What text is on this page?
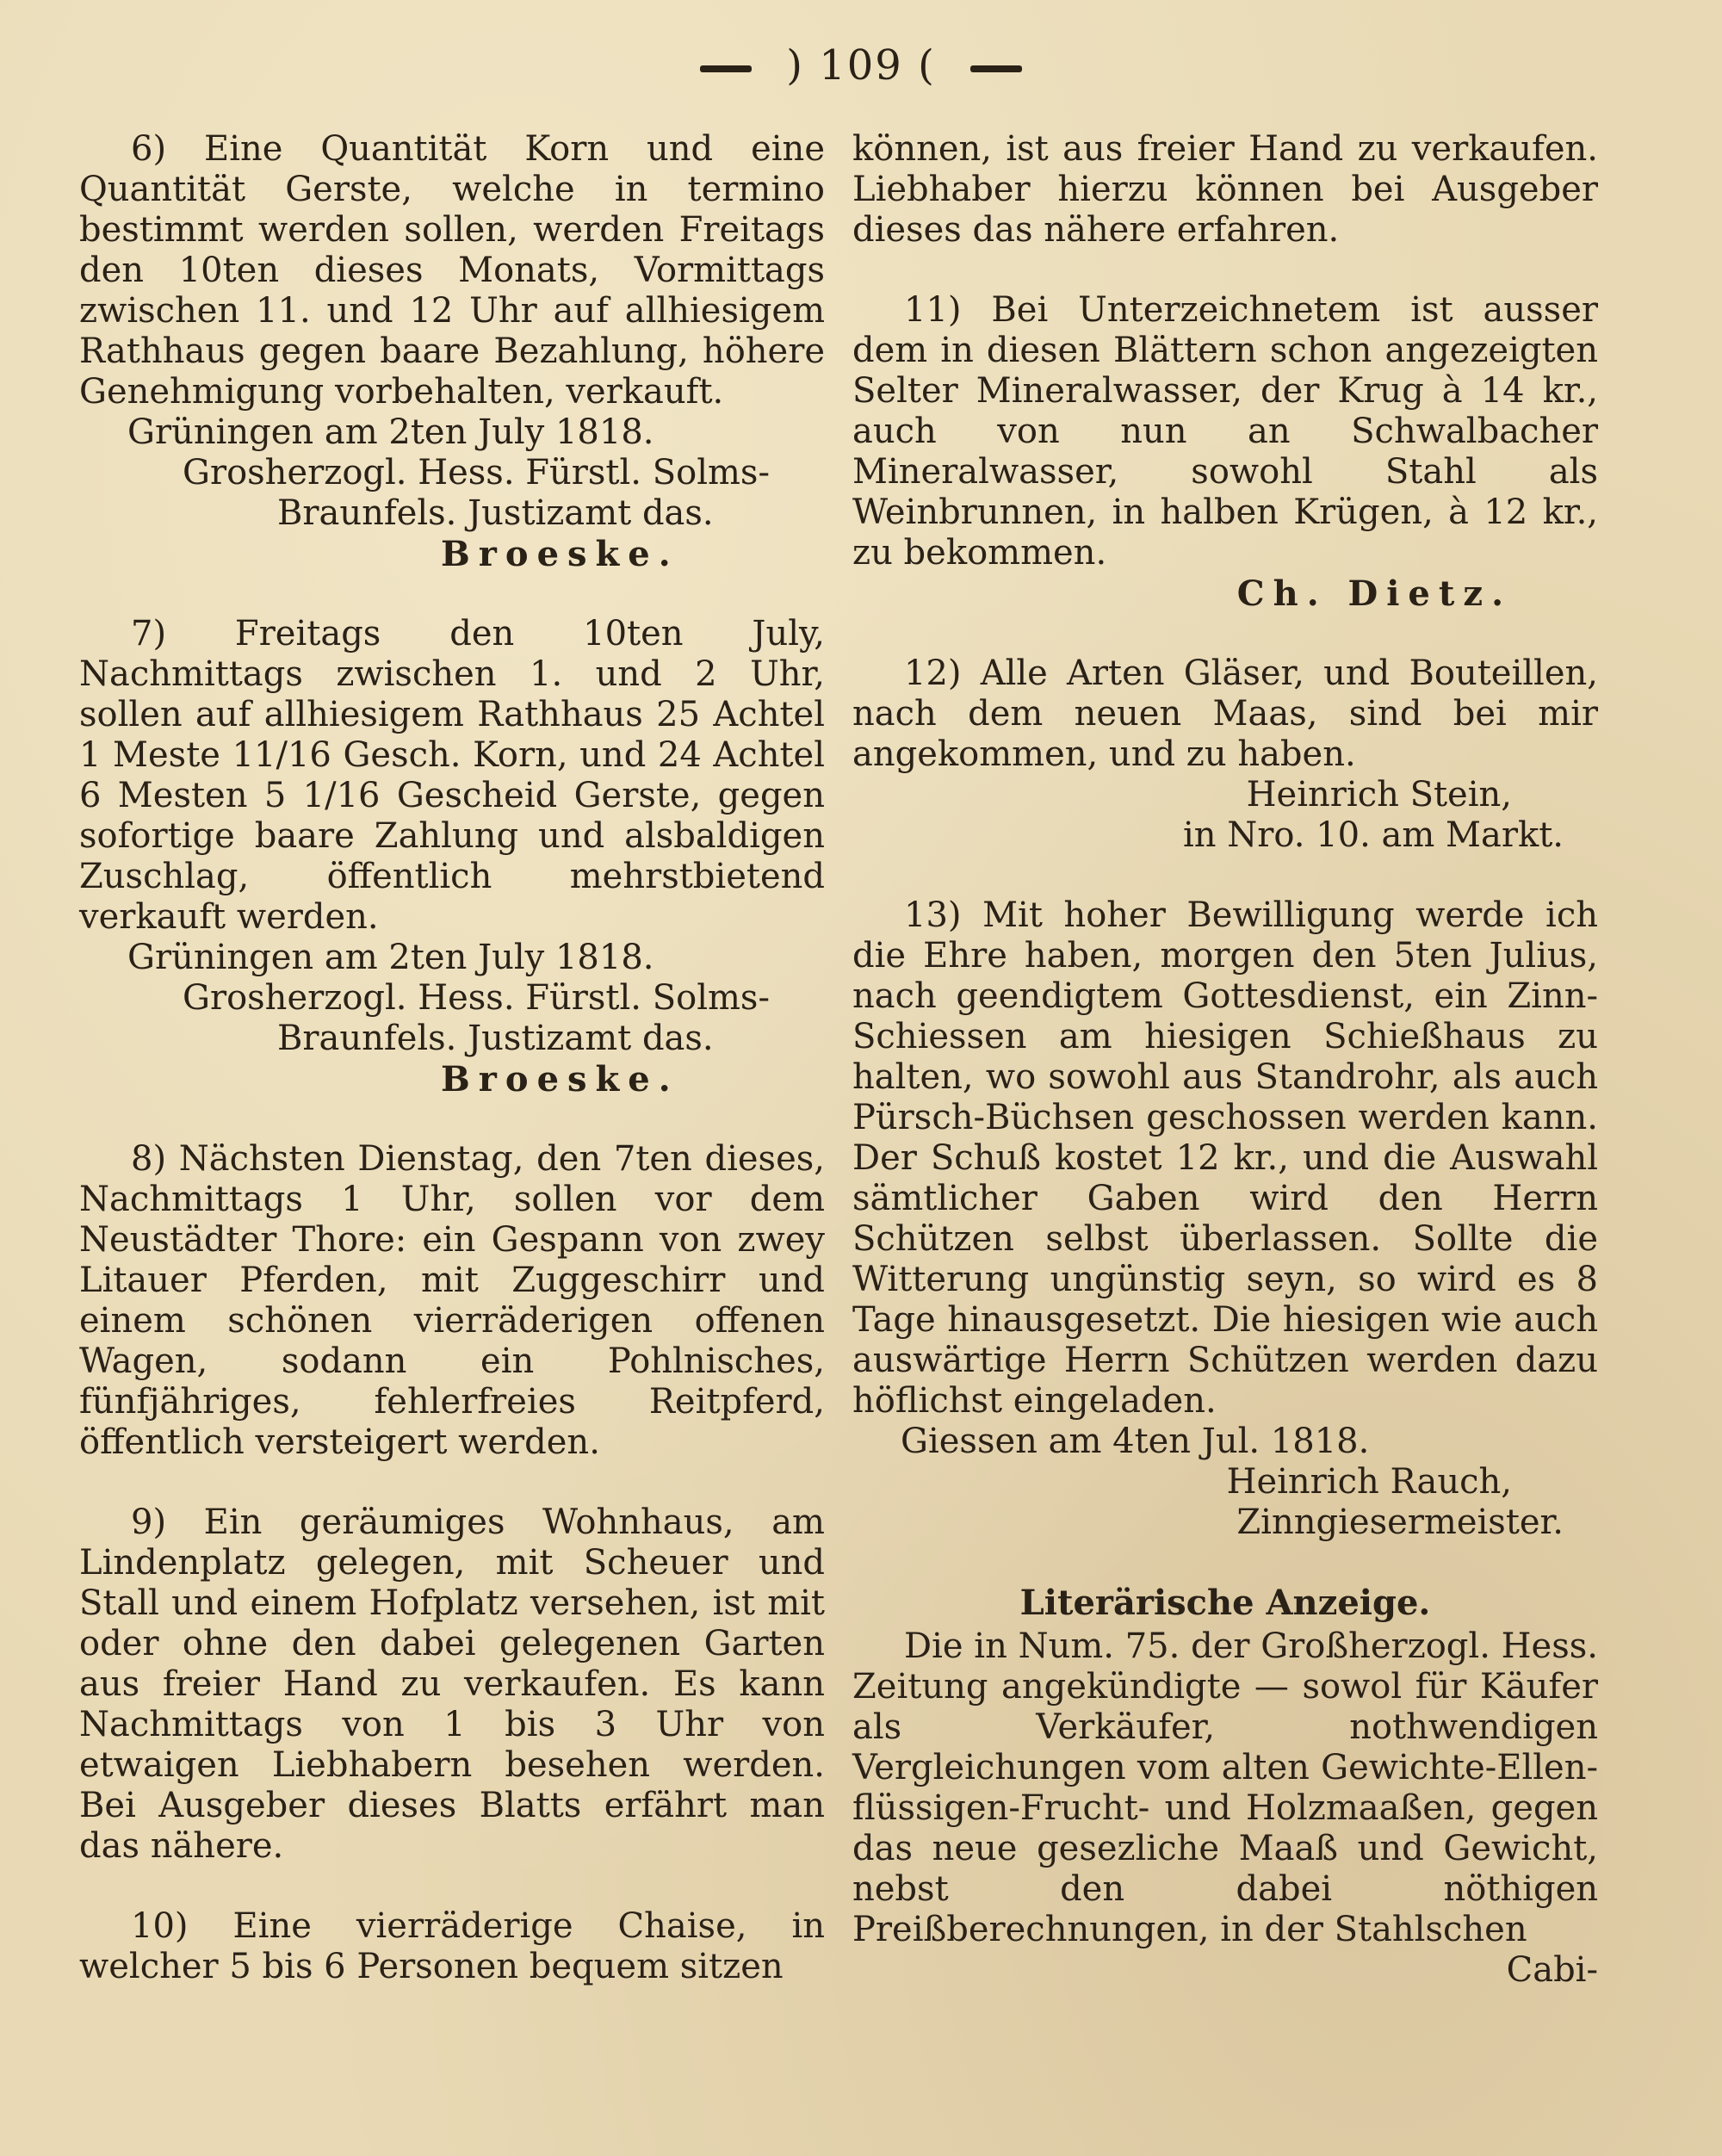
) 109 (

6) Eine Quantität Korn und eine Quantität Gerste, welche in termino bestimmt werden sollen, werden Freitags den 10ten dieses Monats, Vormittags zwischen 11. und 12 Uhr auf allhiesigem Rathhaus gegen baare Bezahlung, höhere Genehmigung vorbehalten, verkauft.

Grüningen am 2ten July 1818.
Grosherzogl. Hess. Fürstl. Solms-
Braunfels. Justizamt das.
Broeske.

7) Freitags den 10ten July, Nachmittags zwischen 1. und 2 Uhr, sollen auf allhiesigem Rathhaus 25 Achtel 1 Meste 11/16 Gesch. Korn, und 24 Achtel 6 Mesten 5 1/16 Gescheid Gerste, gegen sofortige baare Zahlung und alsbaldigen Zuschlag, öffentlich mehrstbietend verkauft werden.

Grüningen am 2ten July 1818.
Grosherzogl. Hess. Fürstl. Solms-
Braunfels. Justizamt das.
Broeske.

8) Nächsten Dienstag, den 7ten dieses, Nachmittags 1 Uhr, sollen vor dem Neustädter Thore: ein Gespann von zwey Litauer Pferden, mit Zuggeschirr und einem schönen vierräderigen offenen Wagen, sodann ein Pohlnisches, fünfjähriges, fehlerfreies Reitpferd, öffentlich versteigert werden.

9) Ein geräumiges Wohnhaus, am Lindenplatz gelegen, mit Scheuer und Stall und einem Hofplatz versehen, ist mit oder ohne den dabei gelegenen Garten aus freier Hand zu verkaufen. Es kann Nachmittags von 1 bis 3 Uhr von etwaigen Liebhabern besehen werden. Bei Ausgeber dieses Blatts erfährt man das nähere.

10) Eine vierräderige Chaise, in welcher 5 bis 6 Personen bequem sitzen

können, ist aus freier Hand zu verkaufen. Liebhaber hierzu können bei Ausgeber dieses das nähere erfahren.

11) Bei Unterzeichnetem ist ausser dem in diesen Blättern schon angezeigten Selter Mineralwasser, der Krug à 14 kr., auch von nun an Schwalbacher Mineralwasser, sowohl Stahl als Weinbrunnen, in halben Krügen, à 12 kr., zu bekommen.

Ch. Dietz.

12) Alle Arten Gläser, und Bouteillen, nach dem neuen Maas, sind bei mir angekommen, und zu haben.

Heinrich Stein,
in Nro. 10. am Markt.

13) Mit hoher Bewilligung werde ich die Ehre haben, morgen den 5ten Julius, nach geendigtem Gottesdienst, ein Zinn-Schiessen am hiesigen Schießhaus zu halten, wo sowohl aus Standrohr, als auch Pürsch-Büchsen geschossen werden kann. Der Schuß kostet 12 kr., und die Auswahl sämtlicher Gaben wird den Herrn Schützen selbst überlassen. Sollte die Witterung ungünstig seyn, so wird es 8 Tage hinausgesetzt. Die hiesigen wie auch auswärtige Herrn Schützen werden dazu höflichst eingeladen.

Giessen am 4ten Jul. 1818.
Heinrich Rauch,
Zinngiesermeister.
Literärische Anzeige.

Die in Num. 75. der Großherzogl. Hess. Zeitung angekündigte — sowol für Käufer als Verkäufer, nothwendigen Vergleichungen vom alten Gewichte-Ellen-flüssigen-Frucht- und Holzmaaßen, gegen das neue gesezliche Maaß und Gewicht, nebst den dabei nöthigen Preißberechnungen, in der Stahlschen

Cabi-
